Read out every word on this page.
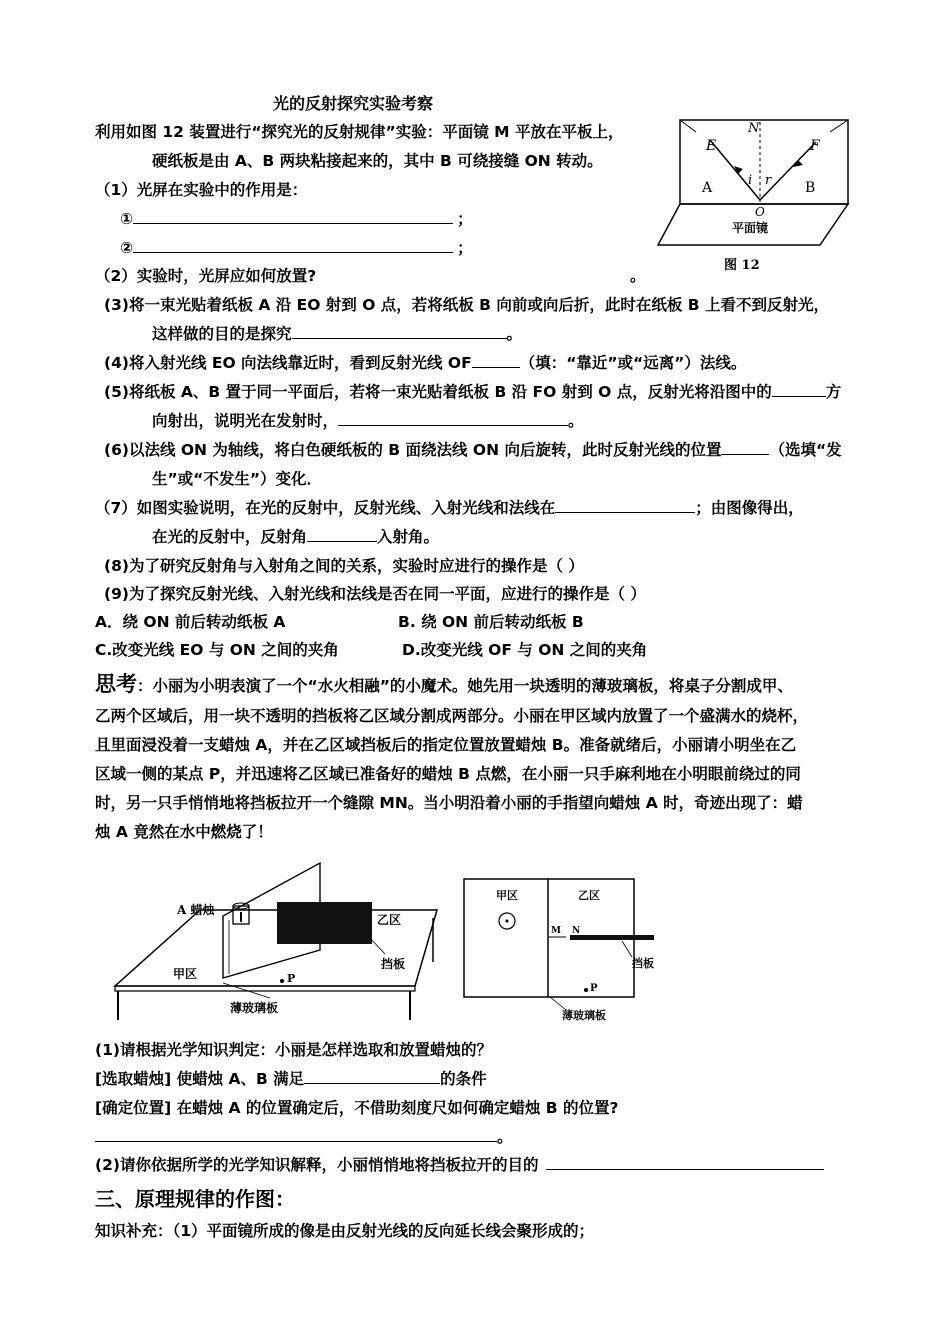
光的反射探究实验考察
利用如图 12 装置进行“探究光的反射规律”实验：平面镜 M 平放在平板上，
硬纸板是由 A、B 两块粘接起来的，其中 B 可绕接缝 ON 转动。
（1）光屏在实验中的作用是：
①	；
②	；
（2）实验时，光屏应如何放置?	。
(3)将一束光贴着纸板 A 沿 EO 射到 O 点，若将纸板 B 向前或向后折，此时在纸板 B 上看不到反射光，
这样做的目的是探究	。
(4)将入射光线 EO 向法线靠近时，看到反射光线 OF	（填：“靠近”或“远离”）法线。
(5)将纸板 A、B 置于同一平面后，若将一束光贴着纸板 B 沿 FO 射到 O 点，反射光将沿图中的	方
向射出，说明光在发射时，	。
(6)以法线 ON 为轴线，将白色硬纸板的 B 面绕法线 ON 向后旋转，此时反射光线的位置	（选填“发
生”或“不发生”）变化．
（7）如图实验说明，在光的反射中，反射光线、入射光线和法线在	；由图像得出，
在光的反射中，反射角	入射角。
(8)为了研究反射角与入射角之间的关系，实验时应进行的操作是（ ）
(9)为了探究反射光线、入射光线和法线是否在同一平面，应进行的操作是（ ）
A．绕 ON 前后转动纸板 A	B. 绕 ON 前后转动纸板 B
C.改变光线 EO 与 ON 之间的夹角	D.改变光线 OF 与 ON 之间的夹角
思考：小丽为小明表演了一个“水火相融”的小魔术。她先用一块透明的薄玻璃板，将桌子分割成甲、
乙两个区域后，用一块不透明的挡板将乙区域分割成两部分。小丽在甲区域内放置了一个盛满水的烧杯，
且里面浸没着一支蜡烛 A，并在乙区域挡板后的指定位置放置蜡烛 B。准备就绪后，小丽请小明坐在乙
区域一侧的某点 P，并迅速将乙区域已准备好的蜡烛 B 点燃，在小丽一只手麻利地在小明眼前绕过的同
时，另一只手悄悄地将挡板拉开一个缝隙 MN。当小明沿着小丽的手指望向蜡烛 A 时，奇迹出现了：蜡
烛 A 竟然在水中燃烧了！
E
N
F
A	B
i r
O
平面镜
图 12
A 蜡烛
乙区
甲区	P
挡板
薄玻璃板
甲区	乙区
M N
挡板
P
薄玻璃板
(1)请根据光学知识判定：小丽是怎样选取和放置蜡烛的？
[选取蜡烛] 使蜡烛 A、B 满足	的条件
[确定位置] 在蜡烛 A 的位置确定后，不借助刻度尺如何确定蜡烛 B 的位置?
。
(2)请你依据所学的光学知识解释，小丽悄悄地将挡板拉开的目的
三、原理规律的作图：
知识补充：（1）平面镜所成的像是由反射光线的反向延长线会聚形成的；
